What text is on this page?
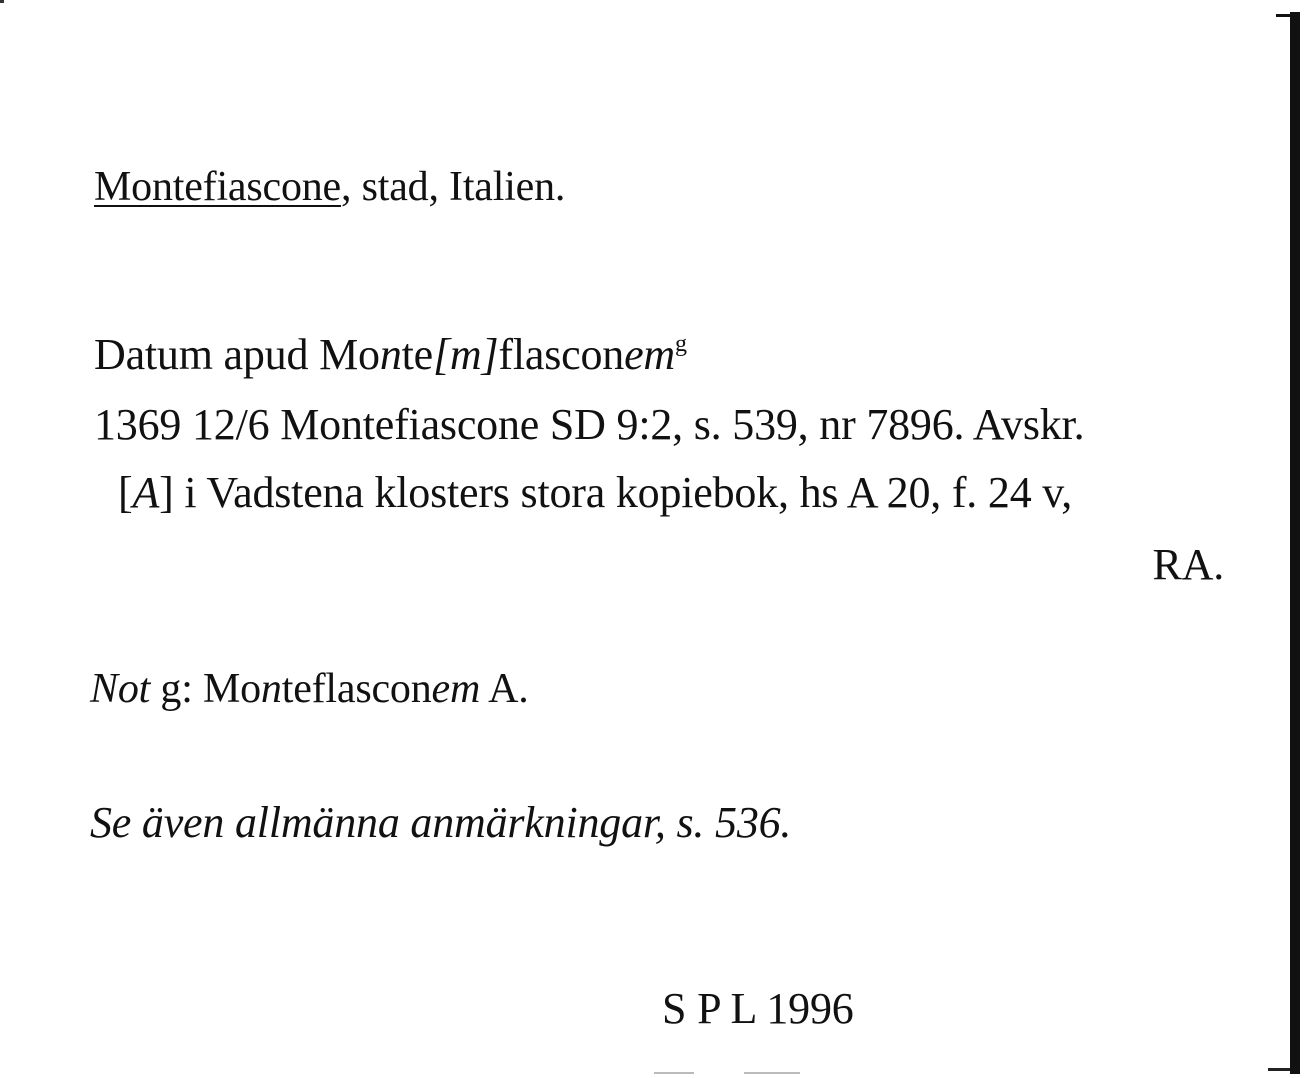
Montefiascone, stad, Italien.
Datum apud Monte[m]flasconem$^g$
1369 12/6 Montefiascone SD 9:2, s. 539, nr 7896. Avskr.
[A] i Vadstena klosters stora kopiebok, hs A 20, f. 24 v,
RA.
Not g: Monteflasconem A.
Se även allmänna anmärkningar, s. 536.
S P L 1996
